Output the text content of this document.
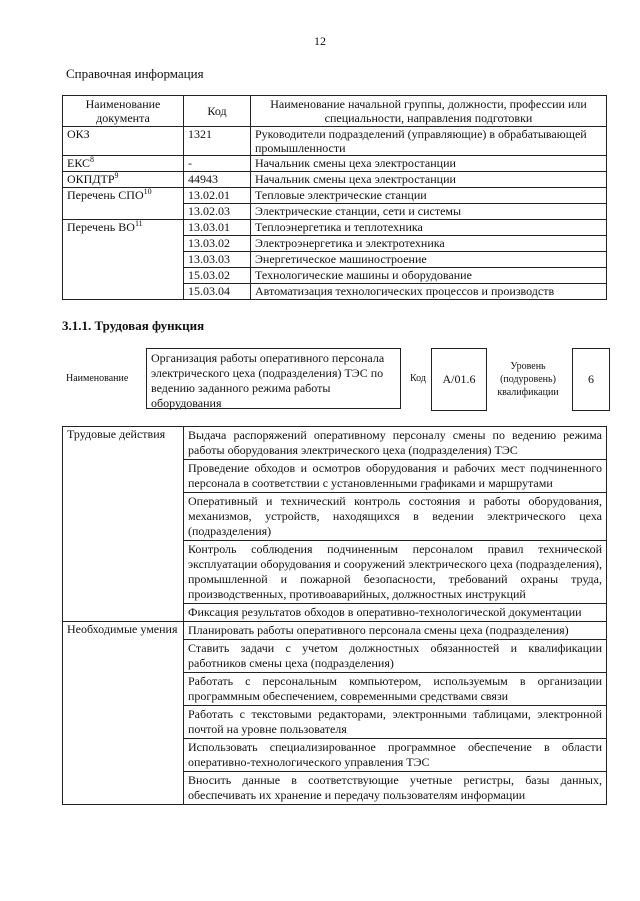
12
Справочная информация
Наименование документа	Код	Наименование начальной группы, должности, профессии или специальности, направления подготовки
ОКЗ	1321	Руководители подразделений (управляющие) в обрабатывающей промышленности
ЕКС$^8$	-	Начальник смены цеха электростанции
ОКПДТР$^9$	44943	Начальник смены цеха электростанции
Перечень СПО$^{10}$	13.02.01	Тепловые электрические станции
	13.02.03	Электрические станции, сети и системы
Перечень ВО$^{11}$	13.03.01	Теплоэнергетика и теплотехника
	13.03.02	Электроэнергетика и электротехника
	13.03.03	Энергетическое машиностроение
	15.03.02	Технологические машины и оборудование
	15.03.04	Автоматизация технологических процессов и производств
3.1.1. Трудовая функция
Наименование
Организация работы оперативного персонала электрического цеха (подразделения) ТЭС по ведению заданного режима работы оборудования
Код	A/01.6
Уровень (подуровень) квалификации
6
Трудовые действия	Выдача распоряжений оперативному персоналу смены по ведению режима работы оборудования электрического цеха (подразделения) ТЭС
	Проведение обходов и осмотров оборудования и рабочих мест подчиненного персонала в соответствии с установленными графиками и маршрутами
	Оперативный и технический контроль состояния и работы оборудования, механизмов, устройств, находящихся в ведении электрического цеха (подразделения)
	Контроль соблюдения подчиненным персоналом правил технической эксплуатации оборудования и сооружений электрического цеха (подразделения), промышленной и пожарной безопасности, требований охраны труда, производственных, противоаварийных, должностных инструкций
	Фиксация результатов обходов в оперативно-технологической документации
Необходимые умения	Планировать работы оперативного персонала смены цеха (подразделения)
	Ставить задачи с учетом должностных обязанностей и квалификации работников смены цеха (подразделения)
	Работать с персональным компьютером, используемым в организации программным обеспечением, современными средствами связи
	Работать с текстовыми редакторами, электронными таблицами, электронной почтой на уровне пользователя
	Использовать специализированное программное обеспечение в области оперативно-технологического управления ТЭС
	Вносить данные в соответствующие учетные регистры, базы данных, обеспечивать их хранение и передачу пользователям информации
